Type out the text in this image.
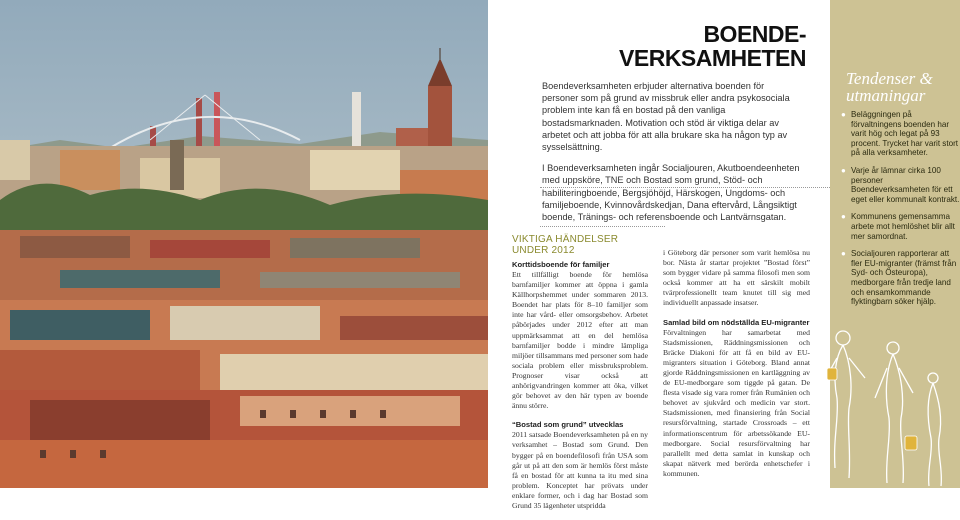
BOENDE-
VERKSAMHETEN

Boendeverksamheten erbjuder alternativa boenden för personer som på grund av missbruk eller andra psykosociala problem inte kan få en bostad på den vanliga bostadsmarknaden. Motivation och stöd är viktiga delar av arbetet och att jobba för att alla brukare ska ha någon typ av sysselsättning.

I Boendeverksamheten ingår Socialjouren, Akutboendeenheten med uppsköre, TNE och Bostad som grund, Stöd- och habiliteringboende, Bergsjöhöjd, Härskogen, Ungdoms- och familjeboende, Kvinnovårdskedjan, Dana eftervård, Långsiktigt boende, Tränings- och referensboende och Lantvärnsgatan.

VIKTIGA HÄNDELSER UNDER 2012
Korttidsboende för familjer

Ett tillfälligt boende för hemlösa barnfamiljer kommer att öppna i gamla Källhorpshemmet under sommaren 2013. Boendet har plats för 8–10 familjer som inte har vård- eller omsorgsbehov. Arbetet påbörjades under 2012 efter att man uppmärksammat att en del hemlösa barnfamiljer bodde i mindre lämpliga miljöer tillsammans med personer som hade sociala problem eller missbruksproblem. Prognoser visar också att anhörigvandringen kommer att öka, vilket gör behovet av den här typen av boende ännu större.

“Bostad som grund” utvecklas

2011 satsade Boendeverksamheten på en ny verksamhet – Bostad som Grund. Den bygger på en boendefilosofi från USA som går ut på att den som är hemlös först måste få en bostad för att kunna ta itu med sina problem. Konceptet har prövats under enklare former, och i dag har Bostad som Grund 35 lägenheter utspridda

i Göteborg där personer som varit hemlösa nu bor. Nästa år startar projektet ”Bostad först” som bygger vidare på samma filosofi men som också kommer att ha ett särskilt mobilt tvärprofessionellt team knutet till sig med individuellt anpassade insatser.

Samlad bild om nödställda EU-migranter

Förvaltningen har samarbetat med Stadsmissionen, Räddningsmissionen och Bräcke Diakoni för att få en bild av EU-migranters situation i Göteborg. Bland annat gjorde Räddningsmissionen en kartläggning av de EU-medborgare som tiggde på gatan. De flesta visade sig vara romer från Rumänien och behovet av sjukvård och medicin var stort. Stadsmissionen, med finansiering från Social resursförvaltning, startade Crossroads – ett informationscentrum för arbetssökande EU-medborgare. Social resursförvaltning har parallellt med detta samlat in kunskap och skapat nätverk med berörda enhetschefer i kommunen.

Tendenser &
utmaningar
● Beläggningen på förvaltningens boenden har varit hög och legat på 93 procent. Trycket har varit stort på alla verksamheter.
● Varje år lämnar cirka 100 personer Boendeverksamheten för ett eget eller kommunalt kontrakt.
● Kommunens gemensamma arbete mot hemlöshet blir allt mer samordnat.
● Socialjouren rapporterar att fler EU-migranter (främst från Syd- och Östeuropa), medborgare från tredje land och ensamkommande flyktingbarn söker hjälp.
